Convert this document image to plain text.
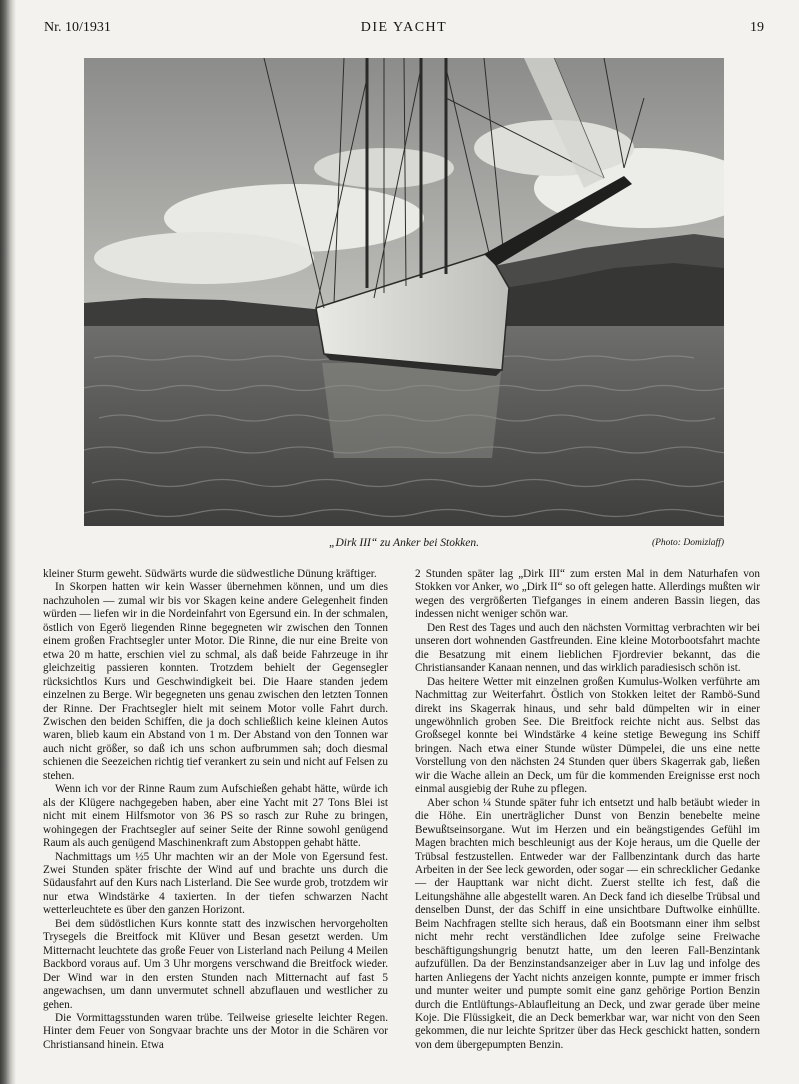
Nr. 10/1931	DIE YACHT	19
„Dirk III“ zu Anker bei Stokken.	(Photo: Domizlaff)

kleiner Sturm geweht. Südwärts wurde die südwestliche Dünung kräftiger.

In Skorpen hatten wir kein Wasser übernehmen können, und um dies nachzuholen — zumal wir bis vor Skagen keine andere Gelegenheit finden würden — liefen wir in die Nordeinfahrt von Egersund ein. In der schmalen, östlich von Egerö liegenden Rinne begegneten wir zwischen den Tonnen einem großen Frachtsegler unter Motor. Die Rinne, die nur eine Breite von etwa 20 m hatte, erschien viel zu schmal, als daß beide Fahrzeuge in ihr gleichzeitig passieren konnten. Trotzdem behielt der Gegensegler rücksichtlos Kurs und Geschwindigkeit bei. Die Haare standen jedem einzelnen zu Berge. Wir begegneten uns genau zwischen den letzten Tonnen der Rinne. Der Frachtsegler hielt mit seinem Motor volle Fahrt durch. Zwischen den beiden Schiffen, die ja doch schließlich keine kleinen Autos waren, blieb kaum ein Abstand von 1 m. Der Abstand von den Tonnen war auch nicht größer, so daß ich uns schon aufbrummen sah; doch diesmal schienen die Seezeichen richtig tief verankert zu sein und nicht auf Felsen zu stehen.

Wenn ich vor der Rinne Raum zum Aufschießen gehabt hätte, würde ich als der Klügere nachgegeben haben, aber eine Yacht mit 27 Tons Blei ist nicht mit einem Hilfsmotor von 36 PS so rasch zur Ruhe zu bringen, wohingegen der Frachtsegler auf seiner Seite der Rinne sowohl genügend Raum als auch genügend Maschinenkraft zum Abstoppen gehabt hätte.

Nachmittags um ½5 Uhr machten wir an der Mole von Egersund fest. Zwei Stunden später frischte der Wind auf und brachte uns durch die Südausfahrt auf den Kurs nach Listerland. Die See wurde grob, trotzdem wir nur etwa Windstärke 4 taxierten. In der tiefen schwarzen Nacht wetterleuchtete es über den ganzen Horizont.

Bei dem südöstlichen Kurs konnte statt des inzwischen hervorgeholten Trysegels die Breitfock mit Klüver und Besan gesetzt werden. Um Mitternacht leuchtete das große Feuer von Listerland nach Peilung 4 Meilen Backbord voraus auf. Um 3 Uhr morgens verschwand die Breitfock wieder. Der Wind war in den ersten Stunden nach Mitternacht auf fast 5 angewachsen, um dann unvermutet schnell abzuflauen und westlicher zu gehen.

Die Vormittagsstunden waren trübe. Teilweise grieselte leichter Regen. Hinter dem Feuer von Songvaar brachte uns der Motor in die Schären vor Christiansand hinein. Etwa

2 Stunden später lag „Dirk III“ zum ersten Mal in dem Naturhafen von Stokken vor Anker, wo „Dirk II“ so oft gelegen hatte. Allerdings mußten wir wegen des vergrößerten Tiefganges in einem anderen Bassin liegen, das indessen nicht weniger schön war.

Den Rest des Tages und auch den nächsten Vormittag verbrachten wir bei unseren dort wohnenden Gastfreunden. Eine kleine Motorbootsfahrt machte die Besatzung mit einem lieblichen Fjordrevier bekannt, das die Christiansander Kanaan nennen, und das wirklich paradiesisch schön ist.

Das heitere Wetter mit einzelnen großen Kumulus-Wolken verführte am Nachmittag zur Weiterfahrt. Östlich von Stokken leitet der Rambö-Sund direkt ins Skagerrak hinaus, und sehr bald dümpelten wir in einer ungewöhnlich groben See. Die Breitfock reichte nicht aus. Selbst das Großsegel konnte bei Windstärke 4 keine stetige Bewegung ins Schiff bringen. Nach etwa einer Stunde wüster Dümpelei, die uns eine nette Vorstellung von den nächsten 24 Stunden quer übers Skagerrak gab, ließen wir die Wache allein an Deck, um für die kommenden Ereignisse erst noch einmal ausgiebig der Ruhe zu pflegen.

Aber schon ¼ Stunde später fuhr ich entsetzt und halb betäubt wieder in die Höhe. Ein unerträglicher Dunst von Benzin benebelte meine Bewußtseinsorgane. Wut im Herzen und ein beängstigendes Gefühl im Magen brachten mich beschleunigt aus der Koje heraus, um die Quelle der Trübsal festzustellen. Entweder war der Fallbenzintank durch das harte Arbeiten in der See leck geworden, oder sogar — ein schrecklicher Gedanke — der Haupttank war nicht dicht. Zuerst stellte ich fest, daß die Leitungshähne alle abgestellt waren. An Deck fand ich dieselbe Trübsal und denselben Dunst, der das Schiff in eine unsichtbare Duftwolke einhüllte. Beim Nachfragen stellte sich heraus, daß ein Bootsmann einer ihm selbst nicht mehr recht verständlichen Idee zufolge seine Freiwache beschäftigungshungrig benutzt hatte, um den leeren Fall-Benzintank aufzufüllen. Da der Benzinstandsanzeiger aber in Luv lag und infolge des harten Anliegens der Yacht nichts anzeigen konnte, pumpte er immer frisch und munter weiter und pumpte somit eine ganz gehörige Portion Benzin durch die Entlüftungs-Ablaufleitung an Deck, und zwar gerade über meine Koje. Die Flüssigkeit, die an Deck bemerkbar war, war nicht von den Seen gekommen, die nur leichte Spritzer über das Heck geschickt hatten, sondern von dem übergepumpten Benzin.
